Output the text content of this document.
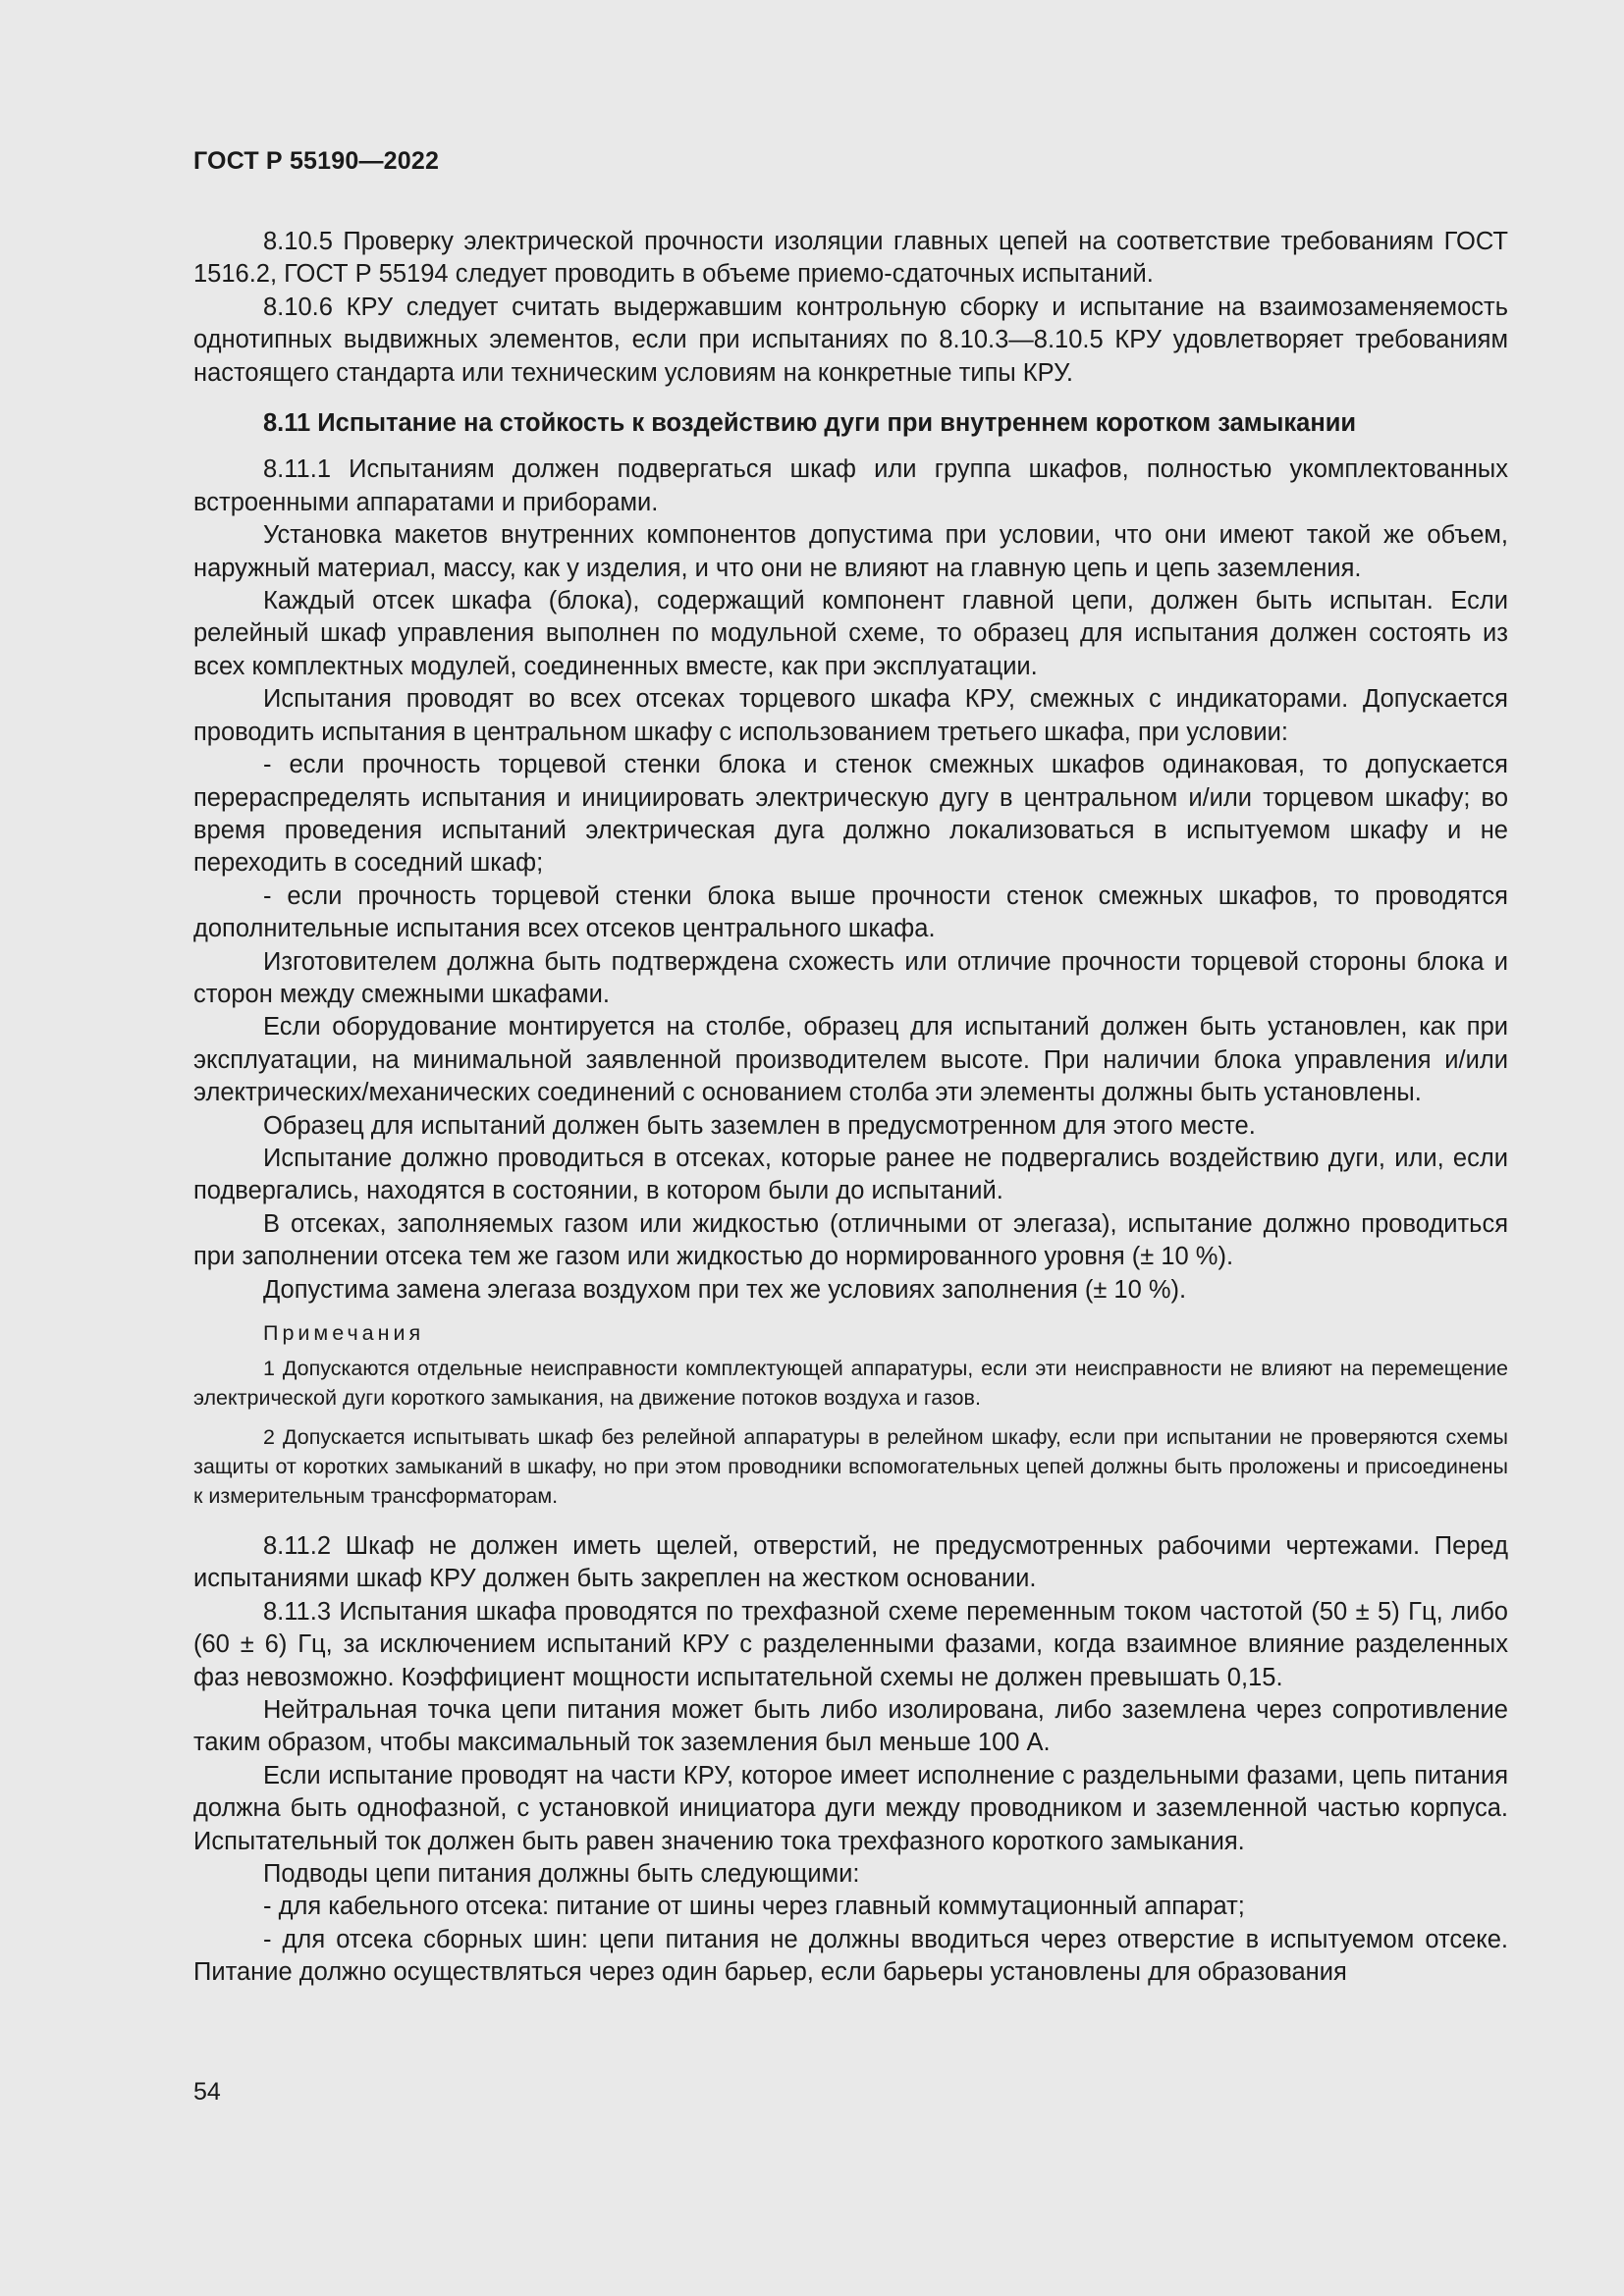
ГОСТ Р 55190—2022

8.10.5 Проверку электрической прочности изоляции главных цепей на соответствие требованиям ГОСТ 1516.2, ГОСТ Р 55194 следует проводить в объеме приемо-сдаточных испытаний.

8.10.6 КРУ следует считать выдержавшим контрольную сборку и испытание на взаимозаменяемость однотипных выдвижных элементов, если при испытаниях по 8.10.3—8.10.5 КРУ удовлетворяет требованиям настоящего стандарта или техническим условиям на конкретные типы КРУ.

8.11 Испытание на стойкость к воздействию дуги при внутреннем коротком замыкании

8.11.1 Испытаниям должен подвергаться шкаф или группа шкафов, полностью укомплектованных встроенными аппаратами и приборами.

Установка макетов внутренних компонентов допустима при условии, что они имеют такой же объем, наружный материал, массу, как у изделия, и что они не влияют на главную цепь и цепь заземления.

Каждый отсек шкафа (блока), содержащий компонент главной цепи, должен быть испытан. Если релейный шкаф управления выполнен по модульной схеме, то образец для испытания должен состоять из всех комплектных модулей, соединенных вместе, как при эксплуатации.

Испытания проводят во всех отсеках торцевого шкафа КРУ, смежных с индикаторами. Допускается проводить испытания в центральном шкафу с использованием третьего шкафа, при условии:

- если прочность торцевой стенки блока и стенок смежных шкафов одинаковая, то допускается перераспределять испытания и инициировать электрическую дугу в центральном и/или торцевом шкафу; во время проведения испытаний электрическая дуга должно локализоваться в испытуемом шкафу и не переходить в соседний шкаф;

- если прочность торцевой стенки блока выше прочности стенок смежных шкафов, то проводятся дополнительные испытания всех отсеков центрального шкафа.

Изготовителем должна быть подтверждена схожесть или отличие прочности торцевой стороны блока и сторон между смежными шкафами.

Если оборудование монтируется на столбе, образец для испытаний должен быть установлен, как при эксплуатации, на минимальной заявленной производителем высоте. При наличии блока управления и/или электрических/механических соединений с основанием столба эти элементы должны быть установлены.

Образец для испытаний должен быть заземлен в предусмотренном для этого месте.

Испытание должно проводиться в отсеках, которые ранее не подвергались воздействию дуги, или, если подвергались, находятся в состоянии, в котором были до испытаний.

В отсеках, заполняемых газом или жидкостью (отличными от элегаза), испытание должно проводиться при заполнении отсека тем же газом или жидкостью до нормированного уровня (± 10 %).

Допустима замена элегаза воздухом при тех же условиях заполнения (± 10 %).

Примечания

1 Допускаются отдельные неисправности комплектующей аппаратуры, если эти неисправности не влияют на перемещение электрической дуги короткого замыкания, на движение потоков воздуха и газов.

2 Допускается испытывать шкаф без релейной аппаратуры в релейном шкафу, если при испытании не проверяются схемы защиты от коротких замыканий в шкафу, но при этом проводники вспомогательных цепей должны быть проложены и присоединены к измерительным трансформаторам.

8.11.2 Шкаф не должен иметь щелей, отверстий, не предусмотренных рабочими чертежами. Перед испытаниями шкаф КРУ должен быть закреплен на жестком основании.

8.11.3 Испытания шкафа проводятся по трехфазной схеме переменным током частотой (50 ± 5) Гц, либо (60 ± 6) Гц, за исключением испытаний КРУ с разделенными фазами, когда взаимное влияние разделенных фаз невозможно. Коэффициент мощности испытательной схемы не должен превышать 0,15.

Нейтральная точка цепи питания может быть либо изолирована, либо заземлена через сопротивление таким образом, чтобы максимальный ток заземления был меньше 100 А.

Если испытание проводят на части КРУ, которое имеет исполнение с раздельными фазами, цепь питания должна быть однофазной, с установкой инициатора дуги между проводником и заземленной частью корпуса. Испытательный ток должен быть равен значению тока трехфазного короткого замыкания.

Подводы цепи питания должны быть следующими:

- для кабельного отсека: питание от шины через главный коммутационный аппарат;

- для отсека сборных шин: цепи питания не должны вводиться через отверстие в испытуемом отсеке. Питание должно осуществляться через один барьер, если барьеры установлены для образования

54
